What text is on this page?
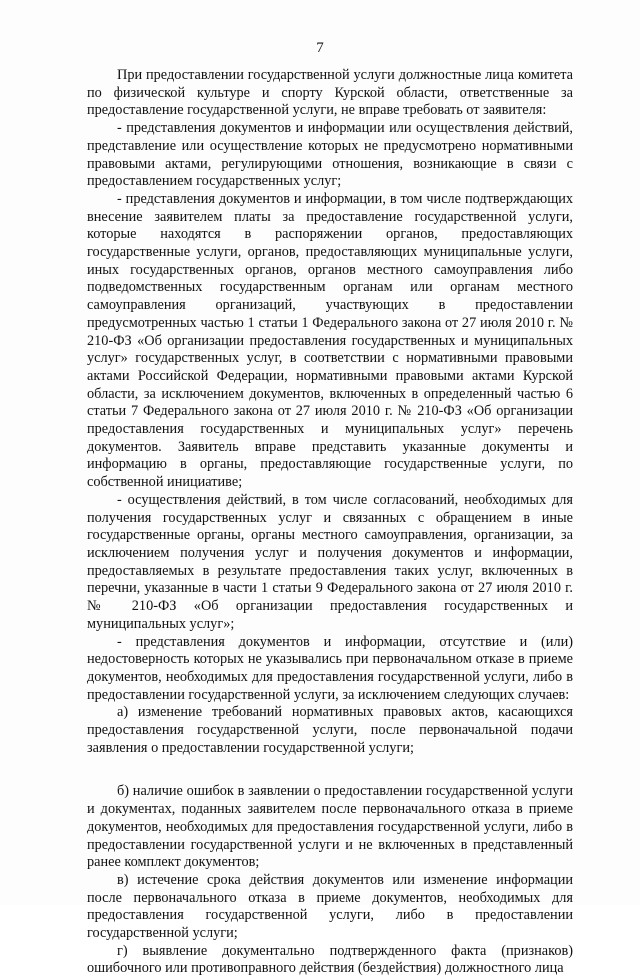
7

При предоставлении государственной услуги должностные лица комитета по физической культуре и спорту Курской области, ответственные за предоставление государственной услуги, не вправе требовать от заявителя:

- представления документов и информации или осуществления действий, представление или осуществление которых не предусмотрено нормативными правовыми актами, регулирующими отношения, возникающие в связи с предоставлением государственных услуг;

- представления документов и информации, в том числе подтверждающих внесение заявителем платы за предоставление государственной услуги, которые находятся в распоряжении органов, предоставляющих государственные услуги, органов, предоставляющих муниципальные услуги, иных государственных органов, органов местного самоуправления либо подведомственных государственным органам или органам местного самоуправления организаций, участвующих в предоставлении предусмотренных частью 1 статьи 1 Федерального закона от 27 июля 2010 г. № 210-ФЗ «Об организации предоставления государственных и муниципальных услуг» государственных услуг, в соответствии с нормативными правовыми актами Российской Федерации, нормативными правовыми актами Курской области, за исключением документов, включенных в определенный частью 6 статьи 7 Федерального закона от 27 июля 2010 г. № 210-ФЗ «Об организации предоставления государственных и муниципальных услуг» перечень документов. Заявитель вправе представить указанные документы и информацию в органы, предоставляющие государственные услуги, по собственной инициативе;

- осуществления действий, в том числе согласований, необходимых для получения государственных услуг и связанных с обращением в иные государственные органы, органы местного самоуправления, организации, за исключением получения услуг и получения документов и информации, предоставляемых в результате предоставления таких услуг, включенных в перечни, указанные в части 1 статьи 9 Федерального закона от 27 июля 2010 г. № 210-ФЗ «Об организации предоставления государственных и муниципальных услуг»;

- представления документов и информации, отсутствие и (или) недостоверность которых не указывались при первоначальном отказе в приеме документов, необходимых для предоставления государственной услуги, либо в предоставлении государственной услуги, за исключением следующих случаев:

а) изменение требований нормативных правовых актов, касающихся предоставления государственной услуги, после первоначальной подачи заявления о предоставлении государственной услуги;

б) наличие ошибок в заявлении о предоставлении государственной услуги и документах, поданных заявителем после первоначального отказа в приеме документов, необходимых для предоставления государственной услуги, либо в предоставлении государственной услуги и не включенных в представленный ранее комплект документов;

в) истечение срока действия документов или изменение информации после первоначального отказа в приеме документов, необходимых для предоставления государственной услуги, либо в предоставлении государственной услуги;

г) выявление документально подтвержденного факта (признаков) ошибочного или противоправного действия (бездействия) должностного лица
